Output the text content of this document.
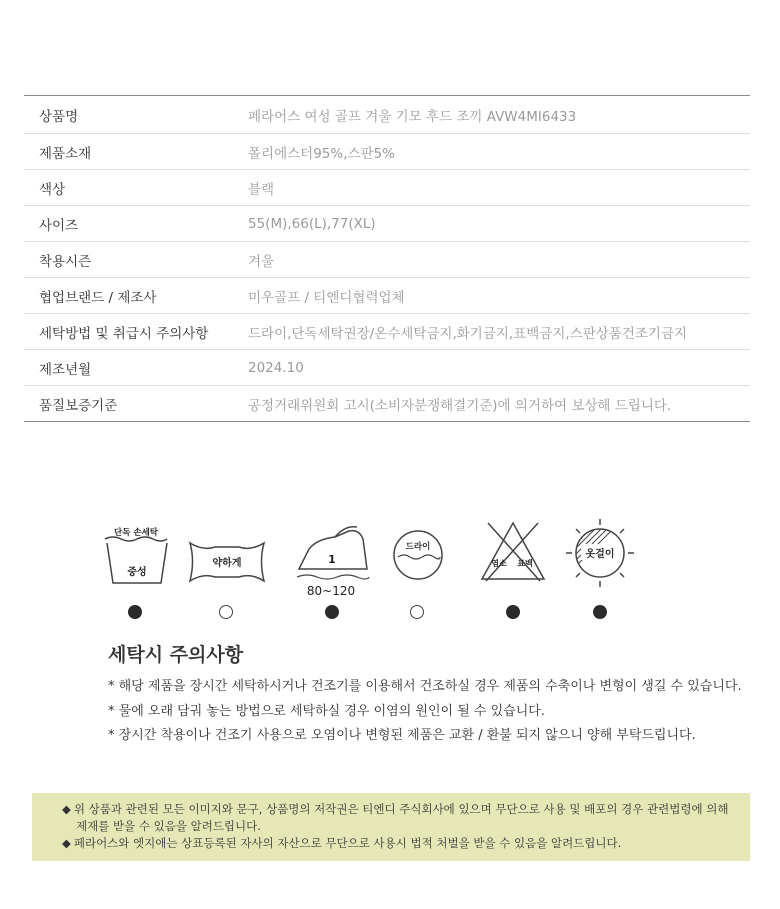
상품명	페라어스 여성 골프 겨울 기모 후드 조끼 AVW4MI6433
제품소재	폴리에스터95%,스판5%
색상	블랙
사이즈	55(M),66(L),77(XL)
착용시즌	겨울
협업브랜드 / 제조사	미우골프 / 티엔디협력업체
세탁방법 및 취급시 주의사항	드라이,단독세탁권장/온수세탁금지,화기금지,표백금지,스판상품건조기금지
제조년월	2024.10
품질보증기준	공정거래위원회 고시(소비자분쟁해결기준)에 의거하여 보상해 드립니다.
단독 손세탁
중성
약하게	1
80~120
드라이
염소 표백
옷걸이
세탁시 주의사항
* 해당 제품을 장시간 세탁하시거나 건조기를 이용해서 건조하실 경우 제품의 수축이나 변형이 생길 수 있습니다.
* 물에 오래 담궈 놓는 방법으로 세탁하실 경우 이염의 원인이 될 수 있습니다.
* 장시간 착용이나 건조기 사용으로 오염이나 변형된 제품은 교환 / 환불 되지 않으니 양해 부탁드립니다.
◆ 위 상품과 관련된 모든 이미지와 문구, 상품명의 저작권은 티엔디 주식회사에 있으며 무단으로 사용 및 배포의 경우 관련법령에 의해
제재를 받을 수 있음을 알려드립니다.
◆ 페라어스와 엣지애는 상표등록된 자사의 자산으로 무단으로 사용시 법적 처벌을 받을 수 있음을 알려드립니다.
